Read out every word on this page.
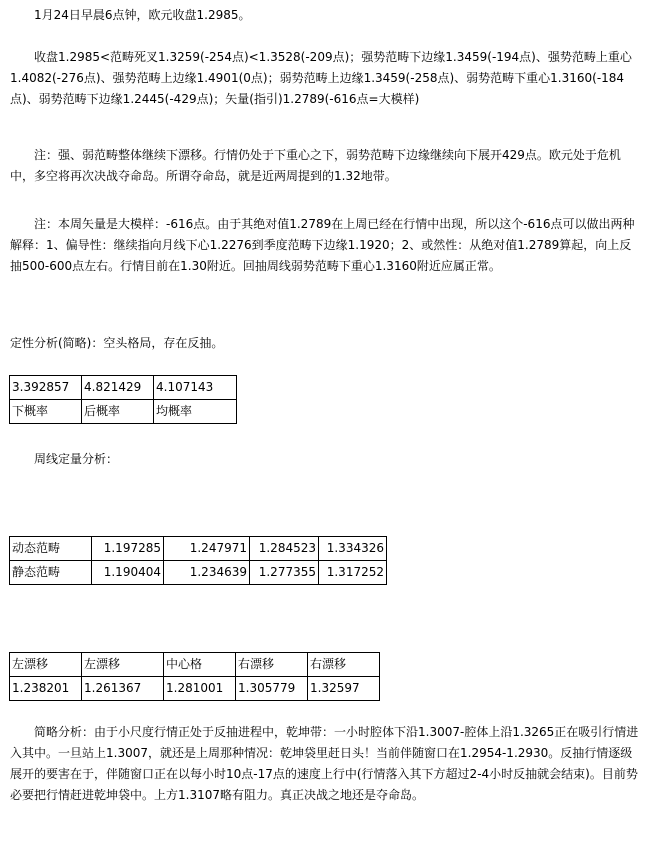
1月24日早晨6点钟，欧元收盘1.2985。

收盘1.2985<范畴死叉1.3259(-254点)<1.3528(-209点)；强势范畴下边缘1.3459(-194点)、强势范畴上重心1.4082(-276点)、强势范畴上边缘1.4901(0点)；弱势范畴上边缘1.3459(-258点)、弱势范畴下重心1.3160(-184点)、弱势范畴下边缘1.2445(-429点)；矢量(指引)1.2789(-616点=大模样)

注：强、弱范畴整体继续下漂移。行情仍处于下重心之下，弱势范畴下边缘继续向下展开429点。欧元处于危机中，多空将再次决战夺命岛。所谓夺命岛，就是近两周提到的1.32地带。

注：本周矢量是大模样：-616点。由于其绝对值1.2789在上周已经在行情中出现，所以这个-616点可以做出两种解释：1、偏导性：继续指向月线下心1.2276到季度范畴下边缘1.1920；2、或然性：从绝对值1.2789算起，向上反抽500-600点左右。行情目前在1.30附近。回抽周线弱势范畴下重心1.3160附近应属正常。

定性分析(简略)：空头格局，存在反抽。

3.392857	4.821429	4.107143
下概率	后概率	均概率

周线定量分析：

动态范畴	1.197285	1.247971	1.284523	1.334326
静态范畴	1.190404	1.234639	1.277355	1.317252
左漂移	左漂移	中心格	右漂移	右漂移
1.238201	1.261367	1.281001	1.305779	1.32597

简略分析：由于小尺度行情正处于反抽进程中，乾坤带：一小时腔体下沿1.3007-腔体上沿1.3265正在吸引行情进入其中。一旦站上1.3007，就还是上周那种情况：乾坤袋里赶日头！当前伴随窗口在1.2954-1.2930。反抽行情逐级展开的要害在于，伴随窗口正在以每小时10点-17点的速度上行中(行情落入其下方超过2-4小时反抽就会结束)。目前势必要把行情赶进乾坤袋中。上方1.3107略有阻力。真正决战之地还是夺命岛。
